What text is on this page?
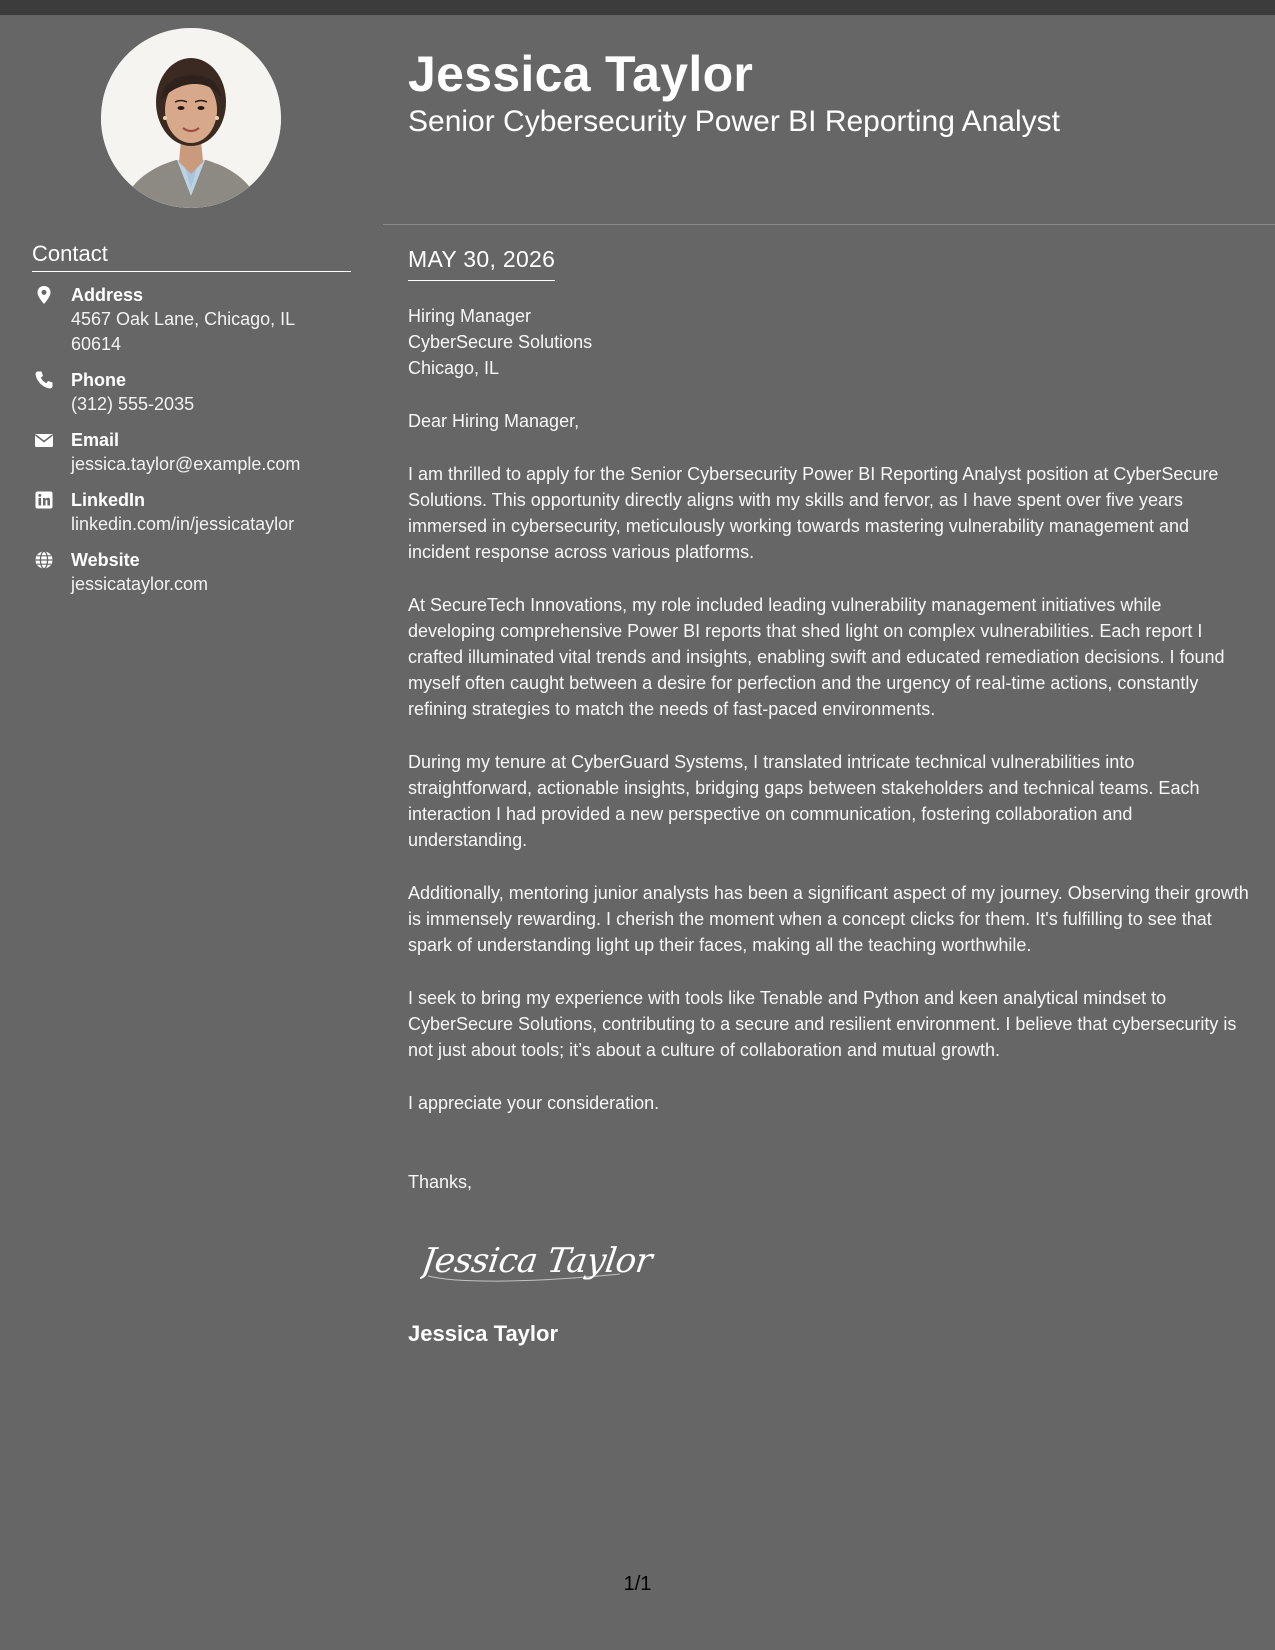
Contact
Address
4567 Oak Lane, Chicago, IL 60614
Phone
(312) 555-2035
Email
jessica.taylor@example.com
LinkedIn
linkedin.com/in/jessicataylor
Website
jessicataylor.com
Jessica Taylor
Senior Cybersecurity Power BI Reporting Analyst
MAY 30, 2026

Hiring Manager
CyberSecure Solutions
Chicago, IL

Dear Hiring Manager,

I am thrilled to apply for the Senior Cybersecurity Power BI Reporting Analyst position at CyberSecure Solutions. This opportunity directly aligns with my skills and fervor, as I have spent over five years immersed in cybersecurity, meticulously working towards mastering vulnerability management and incident response across various platforms.

At SecureTech Innovations, my role included leading vulnerability management initiatives while developing comprehensive Power BI reports that shed light on complex vulnerabilities. Each report I crafted illuminated vital trends and insights, enabling swift and educated remediation decisions. I found myself often caught between a desire for perfection and the urgency of real-time actions, constantly refining strategies to match the needs of fast-paced environments.

During my tenure at CyberGuard Systems, I translated intricate technical vulnerabilities into straightforward, actionable insights, bridging gaps between stakeholders and technical teams. Each interaction I had provided a new perspective on communication, fostering collaboration and understanding.

Additionally, mentoring junior analysts has been a significant aspect of my journey. Observing their growth is immensely rewarding. I cherish the moment when a concept clicks for them. It's fulfilling to see that spark of understanding light up their faces, making all the teaching worthwhile.

I seek to bring my experience with tools like Tenable and Python and keen analytical mindset to CyberSecure Solutions, contributing to a secure and resilient environment. I believe that cybersecurity is not just about tools; it’s about a culture of collaboration and mutual growth.

I appreciate your consideration.

Thanks,

Jessica Taylor
Jessica Taylor
1/1
